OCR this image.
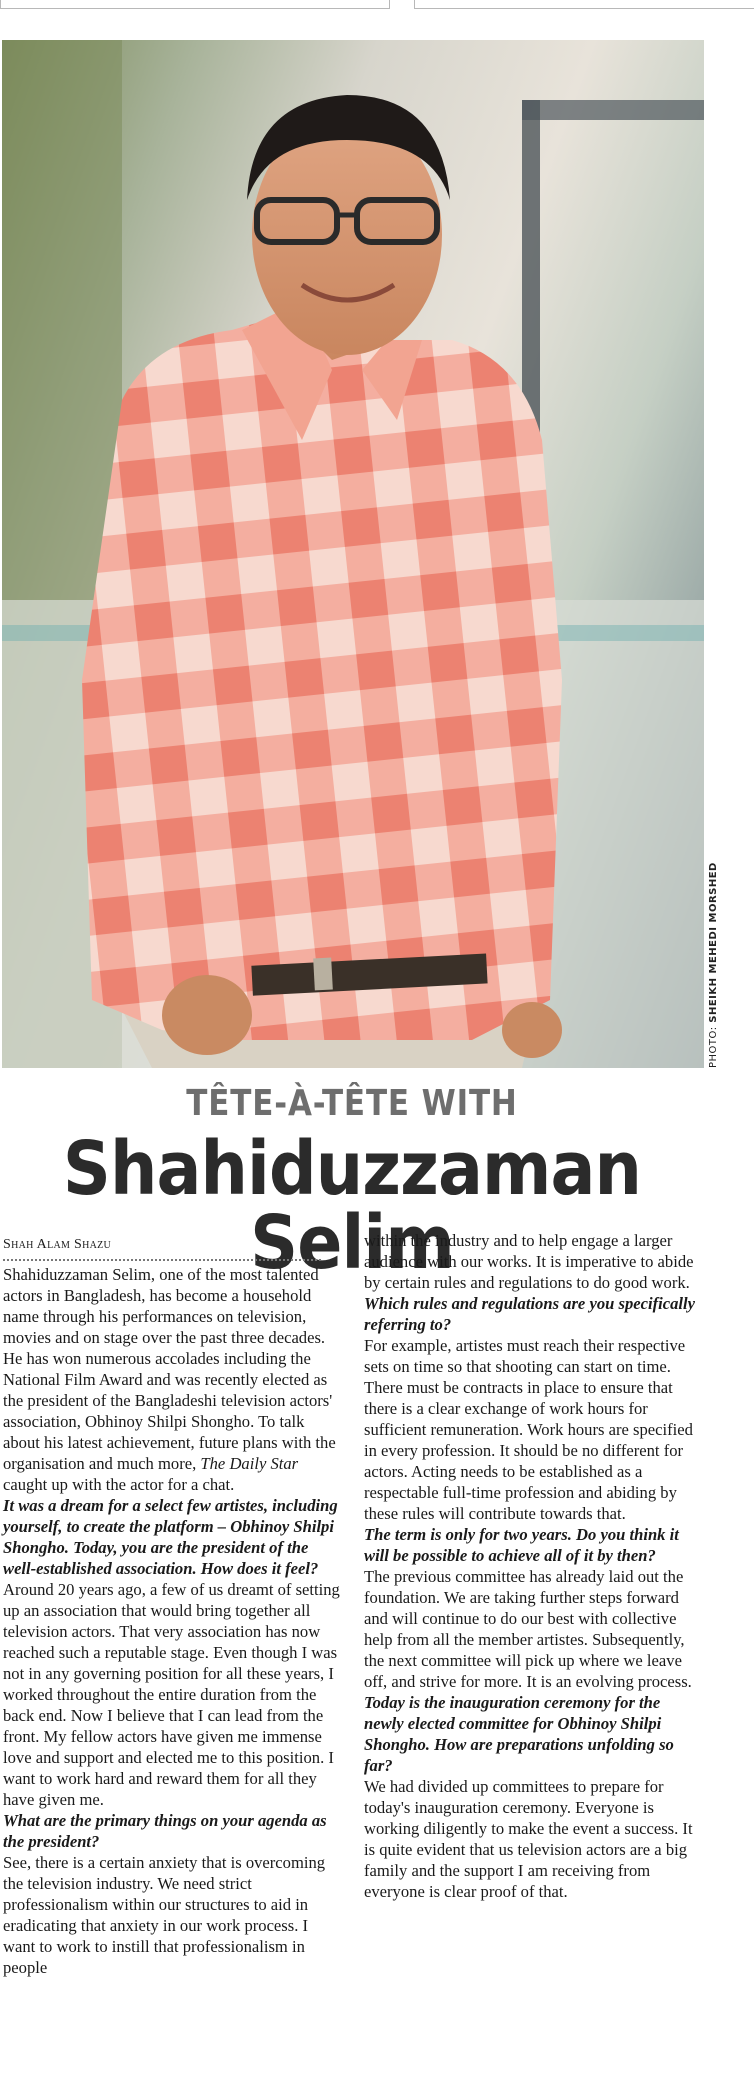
PHOTO: SHEIKH MEHEDI MORSHED
TÊTE-À-TÊTE WITH
Shahiduzzaman Selim
Shah Alam Shazu

Shahiduzzaman Selim, one of the most talented actors in Bangladesh, has become a household name through his performances on television, movies and on stage over the past three decades. He has won numerous accolades including the National Film Award and was recently elected as the president of the Bangladeshi television actors' association, Obhinoy Shilpi Shongho. To talk about his latest achievement, future plans with the organisation and much more, The Daily Star caught up with the actor for a chat.

It was a dream for a select few artistes, including yourself, to create the platform – Obhinoy Shilpi Shongho. Today, you are the president of the well-established association. How does it feel?

Around 20 years ago, a few of us dreamt of setting up an association that would bring together all television actors. That very association has now reached such a reputable stage. Even though I was not in any governing position for all these years, I worked throughout the entire duration from the back end. Now I believe that I can lead from the front. My fellow actors have given me immense love and support and elected me to this position. I want to work hard and reward them for all they have given me.

What are the primary things on your agenda as the president?

See, there is a certain anxiety that is overcoming the television industry. We need strict professionalism within our structures to aid in eradicating that anxiety in our work process. I want to work to instill that professionalism in people

within the industry and to help engage a larger audience with our works. It is imperative to abide by certain rules and regulations to do good work.

Which rules and regulations are you specifically referring to?

For example, artistes must reach their respective sets on time so that shooting can start on time. There must be contracts in place to ensure that there is a clear exchange of work hours for sufficient remuneration. Work hours are specified in every profession. It should be no different for actors. Acting needs to be established as a respectable full-time profession and abiding by these rules will contribute towards that.

The term is only for two years. Do you think it will be possible to achieve all of it by then?

The previous committee has already laid out the foundation. We are taking further steps forward and will continue to do our best with collective help from all the member artistes. Subsequently, the next committee will pick up where we leave off, and strive for more. It is an evolving process.

Today is the inauguration ceremony for the newly elected committee for Obhinoy Shilpi Shongho. How are preparations unfolding so far?

We had divided up committees to prepare for today's inauguration ceremony. Everyone is working diligently to make the event a success. It is quite evident that us television actors are a big family and the support I am receiving from everyone is clear proof of that.
